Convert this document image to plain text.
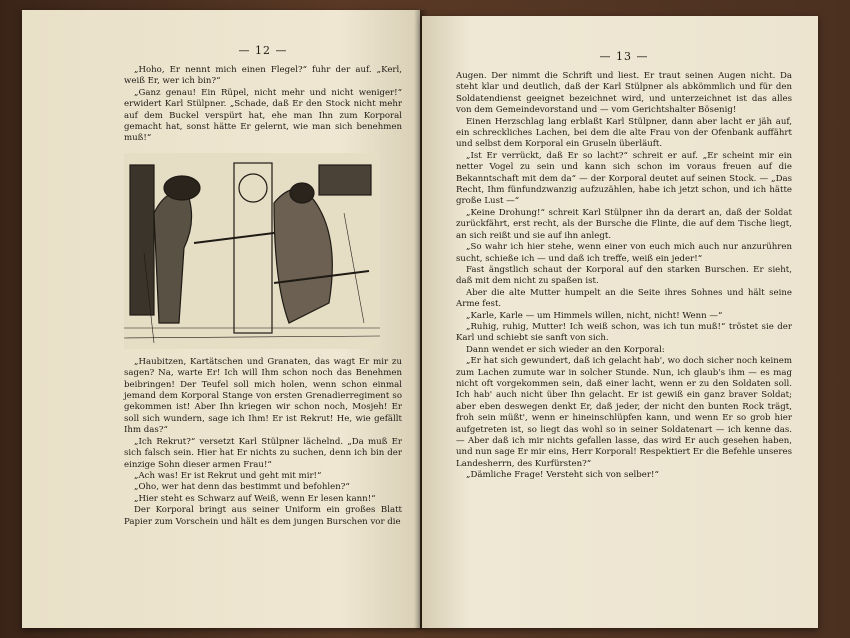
— 12 —

„Hoho, Er nennt mich einen Flegel?“ fuhr der auf. „Kerl, weiß Er, wer ich bin?“

„Ganz genau! Ein Rüpel, nicht mehr und nicht weniger!“ erwidert Karl Stülpner. „Schade, daß Er den Stock nicht mehr auf dem Buckel verspürt hat, ehe man Ihn zum Korporal gemacht hat, sonst hätte Er gelernt, wie man sich benehmen muß!“

„Haubitzen, Kartätschen und Granaten, das wagt Er mir zu sagen? Na, warte Er! Ich will Ihm schon noch das Benehmen beibringen! Der Teufel soll mich holen, wenn schon einmal jemand dem Korporal Stange von ersten Grenadierregiment so gekommen ist! Aber Ihn kriegen wir schon noch, Mosjeh! Er soll sich wundern, sage ich Ihm! Er ist Rekrut! He, wie gefällt Ihm das?“

„Ich Rekrut?“ versetzt Karl Stülpner lächelnd. „Da muß Er sich falsch sein. Hier hat Er nichts zu suchen, denn ich bin der einzige Sohn dieser armen Frau!“

„Ach was! Er ist Rekrut und geht mit mir!“

„Oho, wer hat denn das bestimmt und befohlen?“

„Hier steht es Schwarz auf Weiß, wenn Er lesen kann!“

Der Korporal bringt aus seiner Uniform ein großes Blatt Papier zum Vorschein und hält es dem jungen Burschen vor die

— 13 —

Augen. Der nimmt die Schrift und liest. Er traut seinen Augen nicht. Da steht klar und deutlich, daß der Karl Stülpner als abkömmlich und für den Soldatendienst geeignet bezeichnet wird, und unterzeichnet ist das alles von dem Gemeindevorstand und — vom Gerichtshalter Bösenig!

Einen Herzschlag lang erblaßt Karl Stülpner, dann aber lacht er jäh auf, ein schreckliches Lachen, bei dem die alte Frau von der Ofenbank auffährt und selbst dem Korporal ein Gruseln überläuft.

„Ist Er verrückt, daß Er so lacht?“ schreit er auf. „Er scheint mir ein netter Vogel zu sein und kann sich schon im voraus freuen auf die Bekanntschaft mit dem da“ — der Korporal deutet auf seinen Stock. — „Das Recht, Ihm fünfundzwanzig aufzuzählen, habe ich jetzt schon, und ich hätte große Lust —“

„Keine Drohung!“ schreit Karl Stülpner ihn da derart an, daß der Soldat zurückfährt, erst recht, als der Bursche die Flinte, die auf dem Tische liegt, an sich reißt und sie auf ihn anlegt.

„So wahr ich hier stehe, wenn einer von euch mich auch nur anzurühren sucht, schieße ich — und daß ich treffe, weiß ein jeder!“

Fast ängstlich schaut der Korporal auf den starken Burschen. Er sieht, daß mit dem nicht zu spaßen ist.

Aber die alte Mutter humpelt an die Seite ihres Sohnes und hält seine Arme fest.

„Karle, Karle — um Himmels willen, nicht, nicht! Wenn —“

„Ruhig, ruhig, Mutter! Ich weiß schon, was ich tun muß!“ tröstet sie der Karl und schiebt sie sanft von sich.

Dann wendet er sich wieder an den Korporal:

„Er hat sich gewundert, daß ich gelacht hab', wo doch sicher noch keinem zum Lachen zumute war in solcher Stunde. Nun, ich glaub's ihm — es mag nicht oft vorgekommen sein, daß einer lacht, wenn er zu den Soldaten soll. Ich hab' auch nicht über Ihn gelacht. Er ist gewiß ein ganz braver Soldat; aber eben deswegen denkt Er, daß jeder, der nicht den bunten Rock trägt, froh sein müßt', wenn er hineinschlüpfen kann, und wenn Er so grob hier aufgetreten ist, so liegt das wohl so in seiner Soldatenart — ich kenne das. — Aber daß ich mir nichts gefallen lasse, das wird Er auch gesehen haben, und nun sage Er mir eins, Herr Korporal! Respektiert Er die Befehle unseres Landesherrn, des Kurfürsten?“

„Dämliche Frage! Versteht sich von selber!“
